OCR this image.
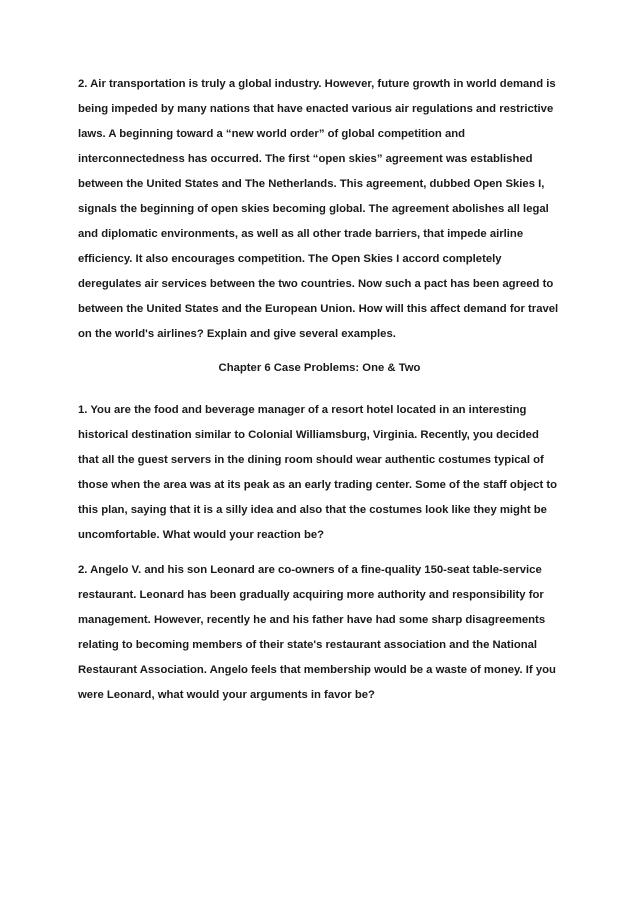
2. Air transportation is truly a global industry. However, future growth in world demand is

being impeded by many nations that have enacted various air regulations and restrictive

laws. A beginning toward a “new world order” of global competition and

interconnectedness has occurred. The first “open skies” agreement was established

between the United States and The Netherlands. This agreement, dubbed Open Skies I,

signals the beginning of open skies becoming global. The agreement abolishes all legal

and diplomatic environments, as well as all other trade barriers, that impede airline

efficiency. It also encourages competition. The Open Skies I accord completely

deregulates air services between the two countries. Now such a pact has been agreed to

between the United States and the European Union. How will this affect demand for travel

on the world's airlines? Explain and give several examples.

Chapter 6 Case Problems: One & Two

1. You are the food and beverage manager of a resort hotel located in an interesting

historical destination similar to Colonial Williamsburg, Virginia. Recently, you decided

that all the guest servers in the dining room should wear authentic costumes typical of

those when the area was at its peak as an early trading center. Some of the staff object to

this plan, saying that it is a silly idea and also that the costumes look like they might be

uncomfortable. What would your reaction be?

2. Angelo V. and his son Leonard are co-owners of a fine-quality 150-seat table-service

restaurant. Leonard has been gradually acquiring more authority and responsibility for

management. However, recently he and his father have had some sharp disagreements

relating to becoming members of their state's restaurant association and the National

Restaurant Association. Angelo feels that membership would be a waste of money. If you

were Leonard, what would your arguments in favor be?
